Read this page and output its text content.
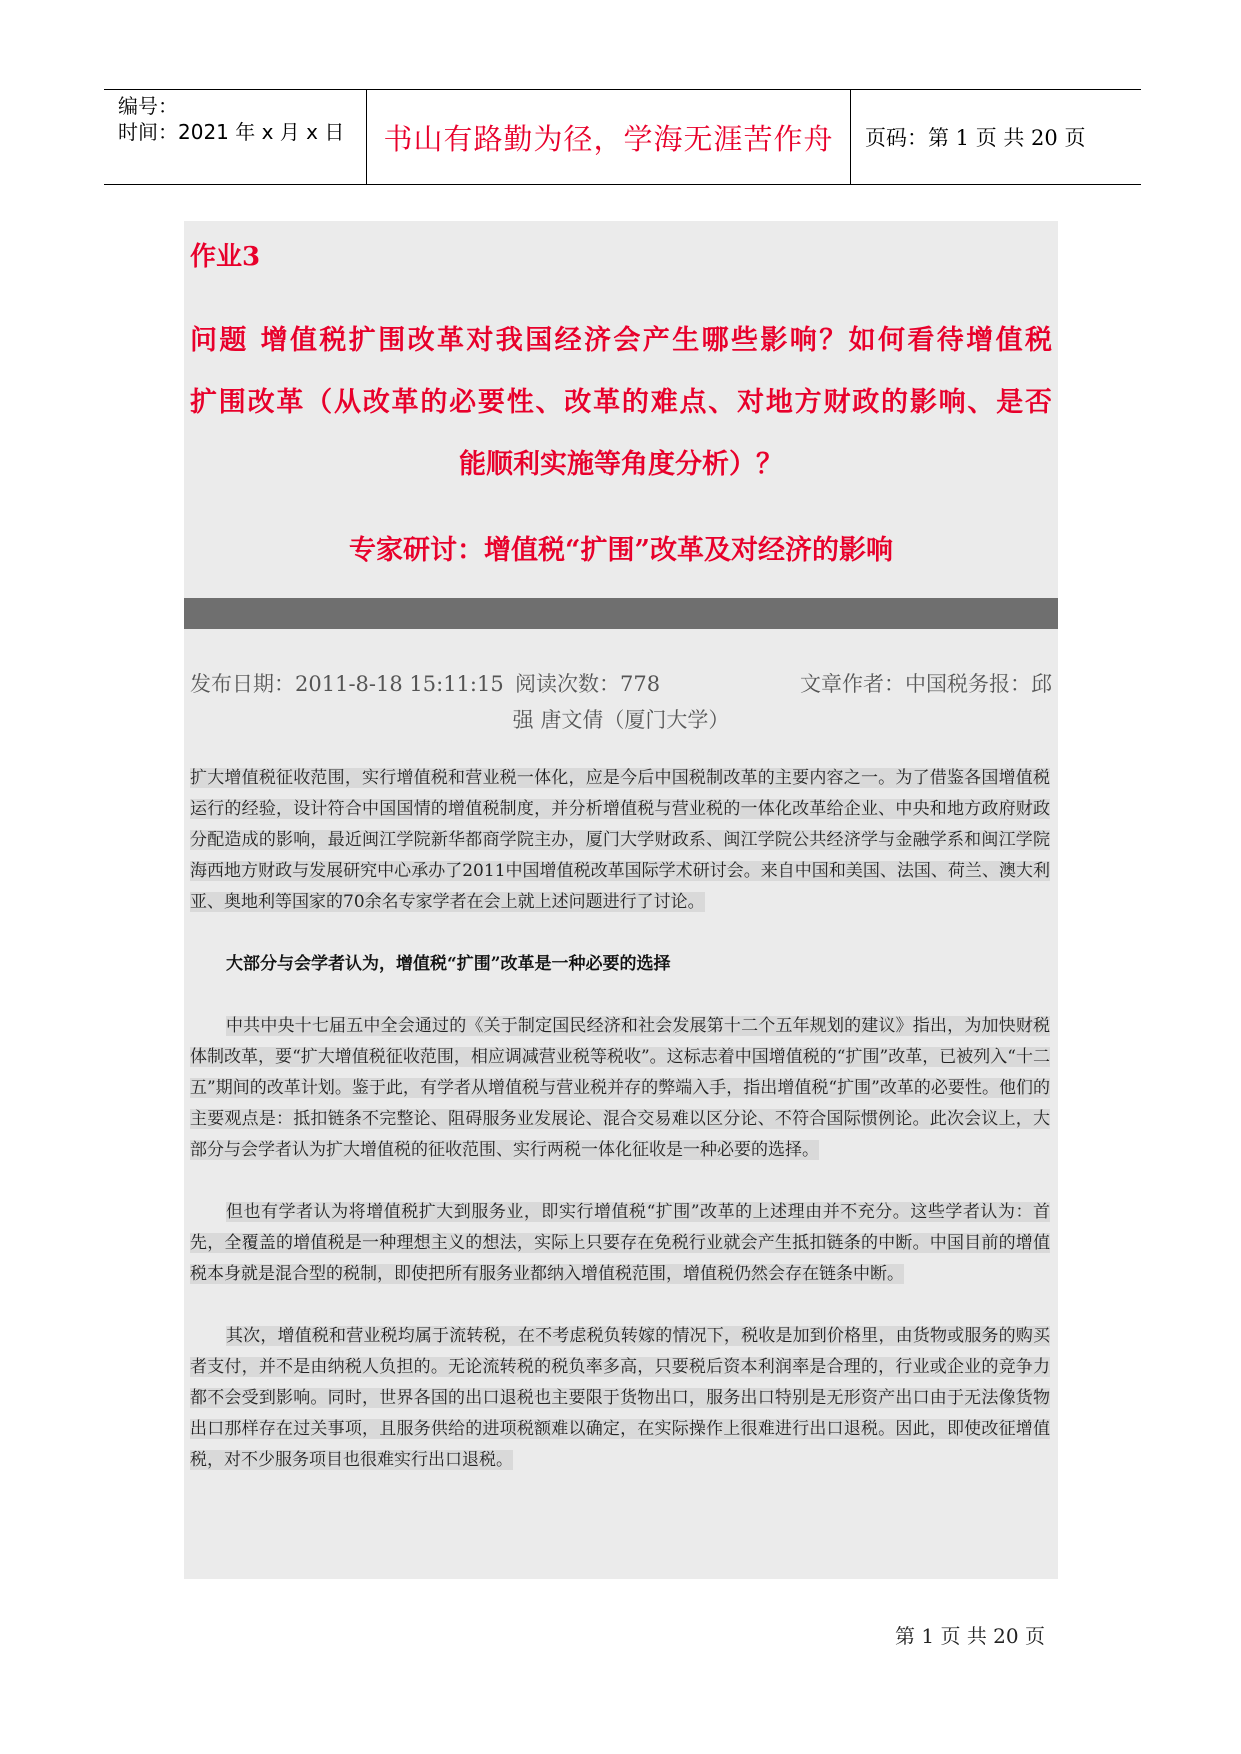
编号：
时间：2021 年 x 月 x 日	书山有路勤为径，学海无涯苦作舟	页码：第 1 页 共 20 页
作业3
问题 增值税扩围改革对我国经济会产生哪些影响？如何看待增值税
扩围改革（从改革的必要性、改革的难点、对地方财政的影响、是否
能顺利实施等角度分析）？
专家研讨：增值税“扩围”改革及对经济的影响
发布日期：2011-8-18 15:11:15 阅读次数：778	文章作者：中国税务报：邱
强 唐文倩（厦门大学）

扩大增值税征收范围，实行增值税和营业税一体化，应是今后中国税制改革的主要内容之一。为了借鉴各国增值税运行的经验，设计符合中国国情的增值税制度，并分析增值税与营业税的一体化改革给企业、中央和地方政府财政分配造成的影响，最近闽江学院新华都商学院主办，厦门大学财政系、闽江学院公共经济学与金融学系和闽江学院海西地方财政与发展研究中心承办了2011中国增值税改革国际学术研讨会。来自中国和美国、法国、荷兰、澳大利亚、奥地利等国家的70余名专家学者在会上就上述问题进行了讨论。

大部分与会学者认为，增值税“扩围”改革是一种必要的选择

中共中央十七届五中全会通过的《关于制定国民经济和社会发展第十二个五年规划的建议》指出，为加快财税体制改革，要“扩大增值税征收范围，相应调减营业税等税收”。这标志着中国增值税的“扩围”改革，已被列入“十二五”期间的改革计划。鉴于此，有学者从增值税与营业税并存的弊端入手，指出增值税“扩围”改革的必要性。他们的主要观点是：抵扣链条不完整论、阻碍服务业发展论、混合交易难以区分论、不符合国际惯例论。此次会议上，大部分与会学者认为扩大增值税的征收范围、实行两税一体化征收是一种必要的选择。

但也有学者认为将增值税扩大到服务业，即实行增值税“扩围”改革的上述理由并不充分。这些学者认为：首先，全覆盖的增值税是一种理想主义的想法，实际上只要存在免税行业就会产生抵扣链条的中断。中国目前的增值税本身就是混合型的税制，即使把所有服务业都纳入增值税范围，增值税仍然会存在链条中断。

其次，增值税和营业税均属于流转税，在不考虑税负转嫁的情况下，税收是加到价格里，由货物或服务的购买者支付，并不是由纳税人负担的。无论流转税的税负率多高，只要税后资本利润率是合理的，行业或企业的竞争力都不会受到影响。同时，世界各国的出口退税也主要限于货物出口，服务出口特别是无形资产出口由于无法像货物出口那样存在过关事项，且服务供给的进项税额难以确定，在实际操作上很难进行出口退税。因此，即使改征增值税，对不少服务项目也很难实行出口退税。

第 1 页 共 20 页
